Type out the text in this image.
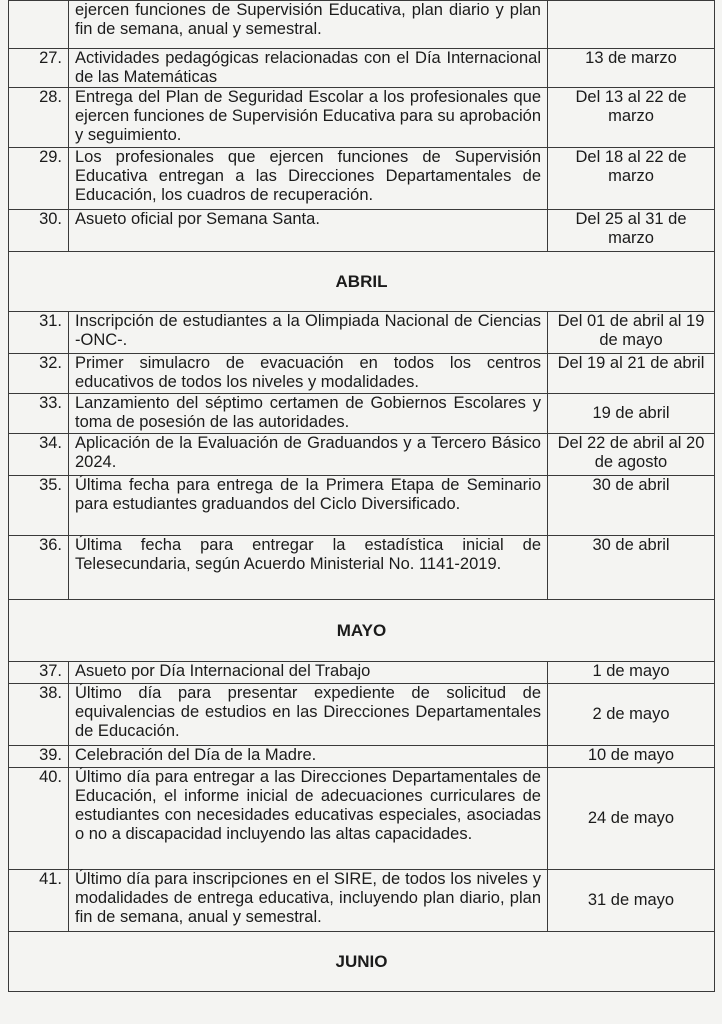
	ejercen funciones de Supervisión Educativa, plan diario y plan fin de semana, anual y semestral.	
27.	Actividades pedagógicas relacionadas con el Día Internacional de las Matemáticas	13 de marzo
28.	Entrega del Plan de Seguridad Escolar a los profesionales que ejercen funciones de Supervisión Educativa para su aprobación y seguimiento.	Del 13 al 22 de marzo
29.	Los profesionales que ejercen funciones de Supervisión Educativa entregan a las Direcciones Departamentales de Educación, los cuadros de recuperación.	Del 18 al 22 de marzo
30.	Asueto oficial por Semana Santa.	Del 25 al 31 de marzo
ABRIL		
31.	Inscripción de estudiantes a la Olimpiada Nacional de Ciencias -ONC-.	Del 01 de abril al 19 de mayo
32.	Primer simulacro de evacuación en todos los centros educativos de todos los niveles y modalidades.	Del 19 al 21 de abril
33.	Lanzamiento del séptimo certamen de Gobiernos Escolares y toma de posesión de las autoridades.	19 de abril
34.	Aplicación de la Evaluación de Graduandos y a Tercero Básico 2024.	Del 22 de abril al 20 de agosto
35.	Última fecha para entrega de la Primera Etapa de Seminario para estudiantes graduandos del Ciclo Diversificado.	30 de abril
36.	Última fecha para entregar la estadística inicial de Telesecundaria, según Acuerdo Ministerial No. 1141-2019.	30 de abril
MAYO		
37.	Asueto por Día Internacional del Trabajo	1 de mayo
38.	Último día para presentar expediente de solicitud de equivalencias de estudios en las Direcciones Departamentales de Educación.	2 de mayo
39.	Celebración del Día de la Madre.	10 de mayo
40.	Último día para entregar a las Direcciones Departamentales de Educación, el informe inicial de adecuaciones curriculares de estudiantes con necesidades educativas especiales, asociadas o no a discapacidad incluyendo las altas capacidades.	24 de mayo
41.	Último día para inscripciones en el SIRE, de todos los niveles y modalidades de entrega educativa, incluyendo plan diario, plan fin de semana, anual y semestral.	31 de mayo
JUNIO		
